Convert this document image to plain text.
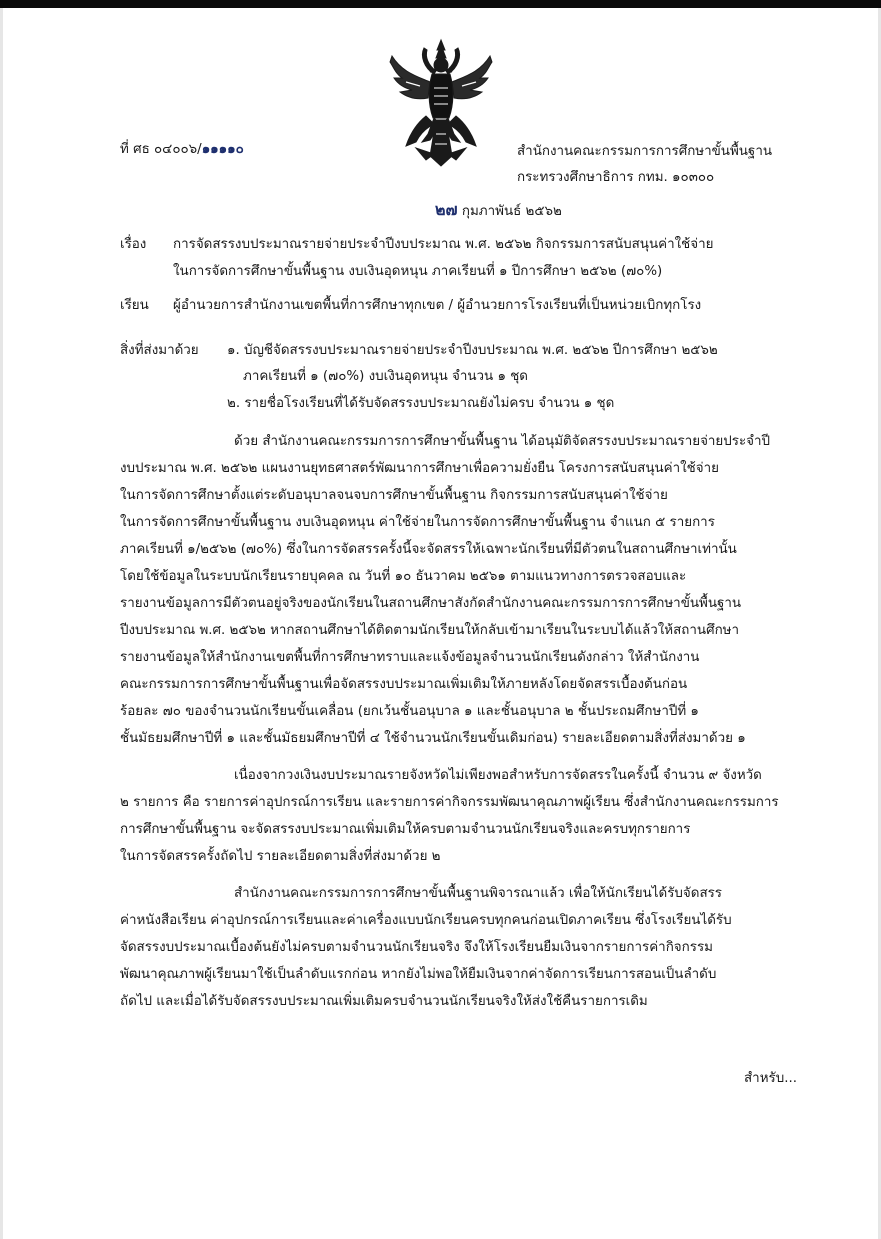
ที่ ศธ ๐๔๐๐๖/๑๑๑๑๐	สำนักงานคณะกรรมการการศึกษาขั้นพื้นฐาน
กระทรวงศึกษาธิการ กทม. ๑๐๓๐๐
๒๗ กุมภาพันธ์ ๒๕๖๒
เรื่อง การจัดสรรงบประมาณรายจ่ายประจำปีงบประมาณ พ.ศ. ๒๕๖๒ กิจกรรมการสนับสนุนค่าใช้จ่าย
ในการจัดการศึกษาขั้นพื้นฐาน งบเงินอุดหนุน ภาคเรียนที่ ๑ ปีการศึกษา ๒๕๖๒ (๗๐%)
เรียน ผู้อำนวยการสำนักงานเขตพื้นที่การศึกษาทุกเขต / ผู้อำนวยการโรงเรียนที่เป็นหน่วยเบิกทุกโรง
สิ่งที่ส่งมาด้วย ๑. บัญชีจัดสรรงบประมาณรายจ่ายประจำปีงบประมาณ พ.ศ. ๒๕๖๒ ปีการศึกษา ๒๕๖๒
ภาคเรียนที่ ๑ (๗๐%) งบเงินอุดหนุน จำนวน ๑ ชุด
๒. รายชื่อโรงเรียนที่ได้รับจัดสรรงบประมาณยังไม่ครบ จำนวน ๑ ชุด
ด้วย สำนักงานคณะกรรมการการศึกษาขั้นพื้นฐาน ได้อนุมัติจัดสรรงบประมาณรายจ่ายประจำปี
งบประมาณ พ.ศ. ๒๕๖๒ แผนงานยุทธศาสตร์พัฒนาการศึกษาเพื่อความยั่งยืน โครงการสนับสนุนค่าใช้จ่าย
ในการจัดการศึกษาตั้งแต่ระดับอนุบาลจนจบการศึกษาขั้นพื้นฐาน กิจกรรมการสนับสนุนค่าใช้จ่าย
ในการจัดการศึกษาขั้นพื้นฐาน งบเงินอุดหนุน ค่าใช้จ่ายในการจัดการศึกษาขั้นพื้นฐาน จำแนก ๕ รายการ
ภาคเรียนที่ ๑/๒๕๖๒ (๗๐%) ซึ่งในการจัดสรรครั้งนี้จะจัดสรรให้เฉพาะนักเรียนที่มีตัวตนในสถานศึกษาเท่านั้น
โดยใช้ข้อมูลในระบบนักเรียนรายบุคคล ณ วันที่ ๑๐ ธันวาคม ๒๕๖๑ ตามแนวทางการตรวจสอบและ
รายงานข้อมูลการมีตัวตนอยู่จริงของนักเรียนในสถานศึกษาสังกัดสำนักงานคณะกรรมการการศึกษาขั้นพื้นฐาน
ปีงบประมาณ พ.ศ. ๒๕๖๒ หากสถานศึกษาได้ติดตามนักเรียนให้กลับเข้ามาเรียนในระบบได้แล้วให้สถานศึกษา
รายงานข้อมูลให้สำนักงานเขตพื้นที่การศึกษาทราบและแจ้งข้อมูลจำนวนนักเรียนดังกล่าว ให้สำนักงาน
คณะกรรมการการศึกษาขั้นพื้นฐานเพื่อจัดสรรงบประมาณเพิ่มเติมให้ภายหลังโดยจัดสรรเบื้องต้นก่อน
ร้อยละ ๗๐ ของจำนวนนักเรียนขั้นเคลื่อน (ยกเว้นชั้นอนุบาล ๑ และชั้นอนุบาล ๒ ชั้นประถมศึกษาปีที่ ๑
ชั้นมัธยมศึกษาปีที่ ๑ และชั้นมัธยมศึกษาปีที่ ๔ ใช้จำนวนนักเรียนขั้นเดิมก่อน) รายละเอียดตามสิ่งที่ส่งมาด้วย ๑
เนื่องจากวงเงินงบประมาณรายจังหวัดไม่เพียงพอสำหรับการจัดสรรในครั้งนี้ จำนวน ๙ จังหวัด
๒ รายการ คือ รายการค่าอุปกรณ์การเรียน และรายการค่ากิจกรรมพัฒนาคุณภาพผู้เรียน ซึ่งสำนักงานคณะกรรมการ
การศึกษาขั้นพื้นฐาน จะจัดสรรงบประมาณเพิ่มเติมให้ครบตามจำนวนนักเรียนจริงและครบทุกรายการ
ในการจัดสรรครั้งถัดไป รายละเอียดตามสิ่งที่ส่งมาด้วย ๒
สำนักงานคณะกรรมการการศึกษาขั้นพื้นฐานพิจารณาแล้ว เพื่อให้นักเรียนได้รับจัดสรร
ค่าหนังสือเรียน ค่าอุปกรณ์การเรียนและค่าเครื่องแบบนักเรียนครบทุกคนก่อนเปิดภาคเรียน ซึ่งโรงเรียนได้รับ
จัดสรรงบประมาณเบื้องต้นยังไม่ครบตามจำนวนนักเรียนจริง จึงให้โรงเรียนยืมเงินจากรายการค่ากิจกรรม
พัฒนาคุณภาพผู้เรียนมาใช้เป็นลำดับแรกก่อน หากยังไม่พอให้ยืมเงินจากค่าจัดการเรียนการสอนเป็นลำดับ
ถัดไป และเมื่อได้รับจัดสรรงบประมาณเพิ่มเติมครบจำนวนนักเรียนจริงให้ส่งใช้คืนรายการเดิม
สำหรับ...
